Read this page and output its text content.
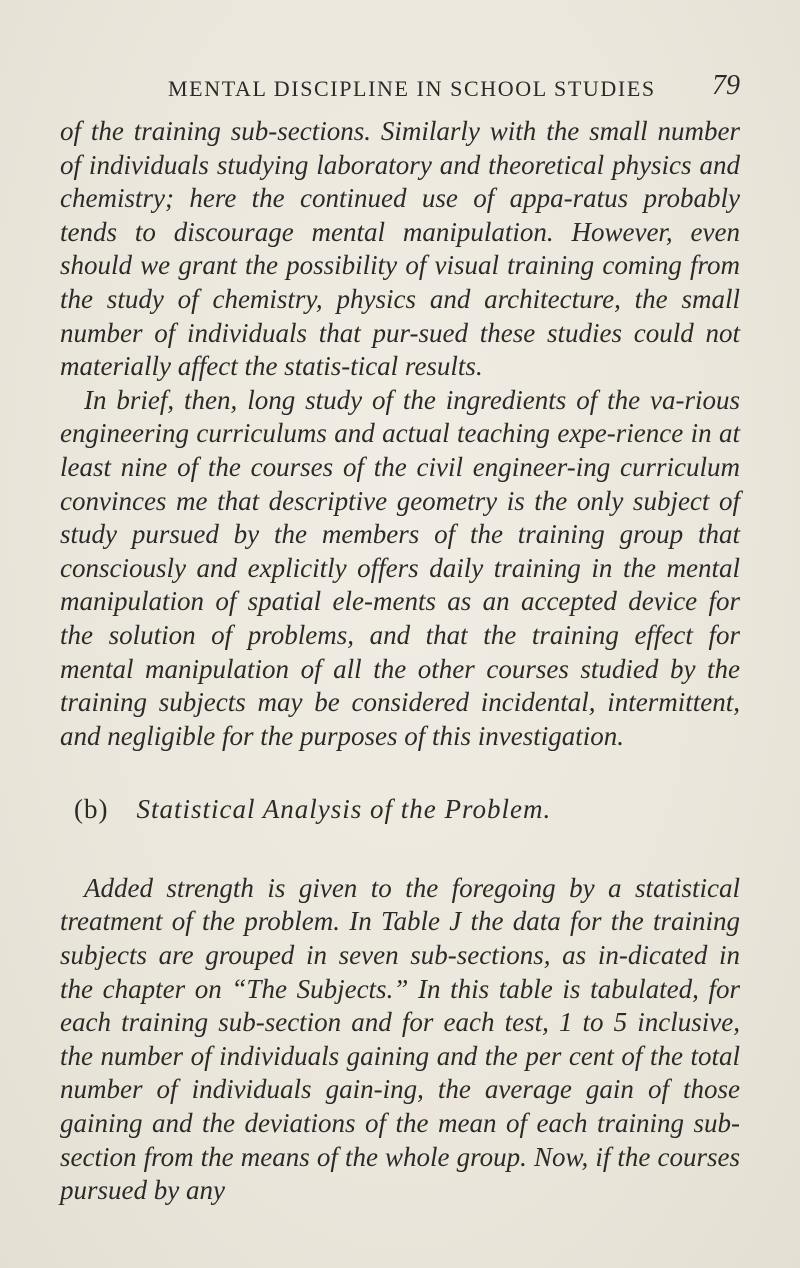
MENTAL DISCIPLINE IN SCHOOL STUDIES 79

of the training sub-sections. Similarly with the small number of individuals studying laboratory and theoretical physics and chemistry; here the continued use of appa-ratus probably tends to discourage mental manipulation. However, even should we grant the possibility of visual training coming from the study of chemistry, physics and architecture, the small number of individuals that pur-sued these studies could not materially affect the statis-tical results.

In brief, then, long study of the ingredients of the va-rious engineering curriculums and actual teaching expe-rience in at least nine of the courses of the civil engineer-ing curriculum convinces me that descriptive geometry is the only subject of study pursued by the members of the training group that consciously and explicitly offers daily training in the mental manipulation of spatial ele-ments as an accepted device for the solution of problems, and that the training effect for mental manipulation of all the other courses studied by the training subjects may be considered incidental, intermittent, and negligible for the purposes of this investigation.

(b) Statistical Analysis of the Problem.

Added strength is given to the foregoing by a statistical treatment of the problem. In Table J the data for the training subjects are grouped in seven sub-sections, as in-dicated in the chapter on “The Subjects.” In this table is tabulated, for each training sub-section and for each test, 1 to 5 inclusive, the number of individuals gaining and the per cent of the total number of individuals gain-ing, the average gain of those gaining and the deviations of the mean of each training sub-section from the means of the whole group. Now, if the courses pursued by any
